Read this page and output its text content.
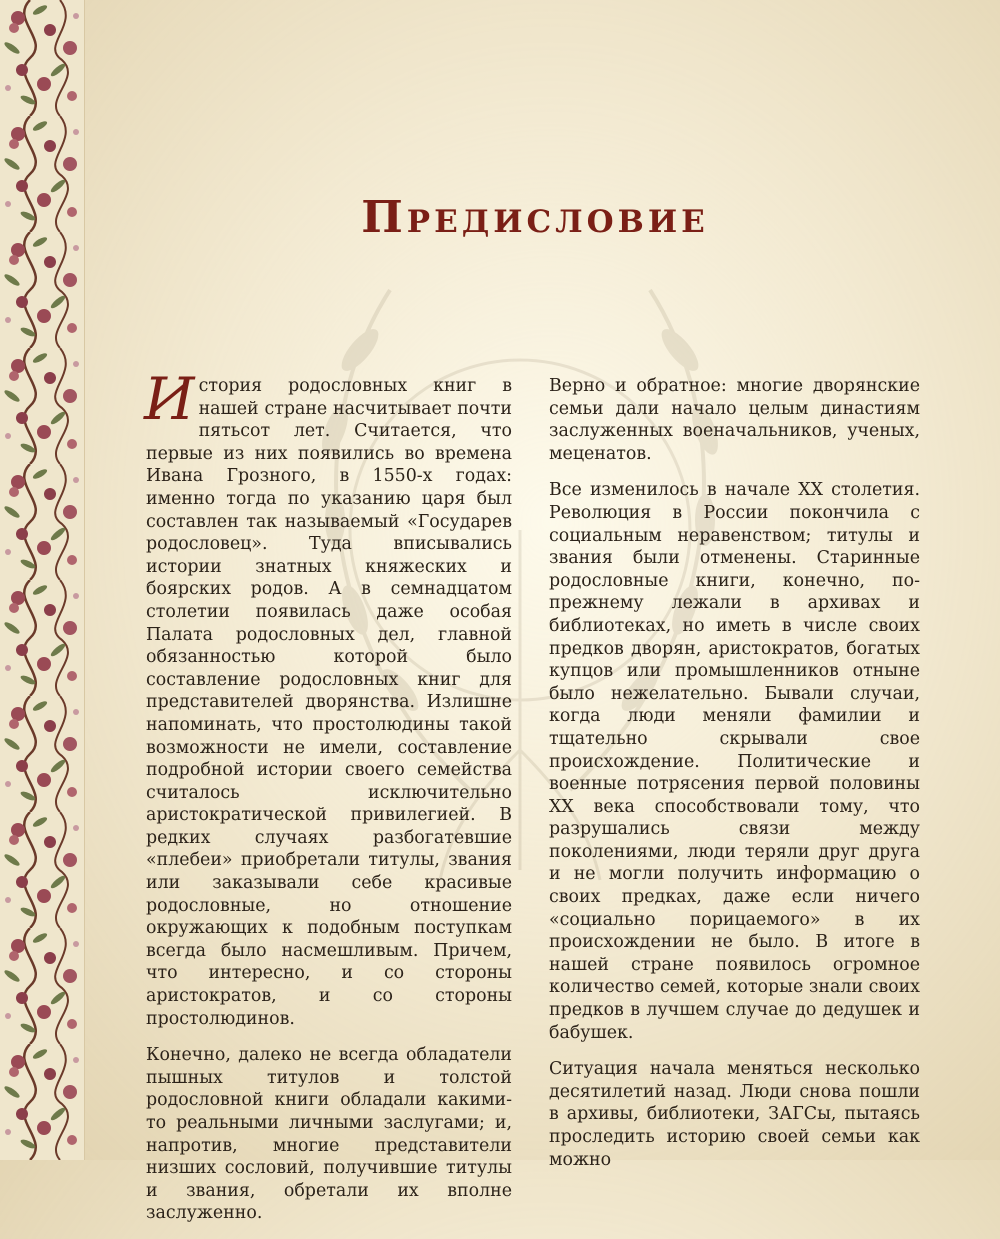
Предисловие

История родословных книг в нашей стране насчитывает почти пятьсот лет. Считается, что первые из них появились во времена Ивана Грозного, в 1550-х годах: именно тогда по указанию царя был составлен так называемый «Государев родословец». Туда вписывались истории знатных княжеских и боярских родов. А в семнадцатом столетии появилась даже особая Палата родословных дел, главной обязанностью которой было составление родословных книг для представителей дворянства. Излишне напоминать, что простолюдины такой возможности не имели, составление подробной истории своего семейства считалось исключительно аристократической привилегией. В редких случаях разбогатевшие «плебеи» приобретали титулы, звания или заказывали себе красивые родословные, но отношение окружающих к подобным поступкам всегда было насмешливым. Причем, что интересно, и со стороны аристократов, и со стороны простолюдинов.

Конечно, далеко не всегда обладатели пышных титулов и толстой родословной книги обладали какими-то реальными личными заслугами; и, напротив, многие представители низших сословий, получившие титулы и звания, обретали их вполне заслуженно.

Верно и обратное: многие дворянские семьи дали начало целым династиям заслуженных военачальников, ученых, меценатов.

Все изменилось в начале XX столетия. Революция в России покончила с социальным неравенством; титулы и звания были отменены. Старинные родословные книги, конечно, по-прежнему лежали в архивах и библиотеках, но иметь в числе своих предков дворян, аристократов, богатых купцов или промышленников отныне было нежелательно. Бывали случаи, когда люди меняли фамилии и тщательно скрывали свое происхождение. Политические и военные потрясения первой половины XX века способствовали тому, что разрушались связи между поколениями, люди теряли друг друга и не могли получить информацию о своих предках, даже если ничего «социально порицаемого» в их происхождении не было. В итоге в нашей стране появилось огромное количество семей, которые знали своих предков в лучшем случае до дедушек и бабушек.

Ситуация начала меняться несколько десятилетий назад. Люди снова пошли в архивы, библиотеки, ЗАГСы, пытаясь проследить историю своей семьи как можно
